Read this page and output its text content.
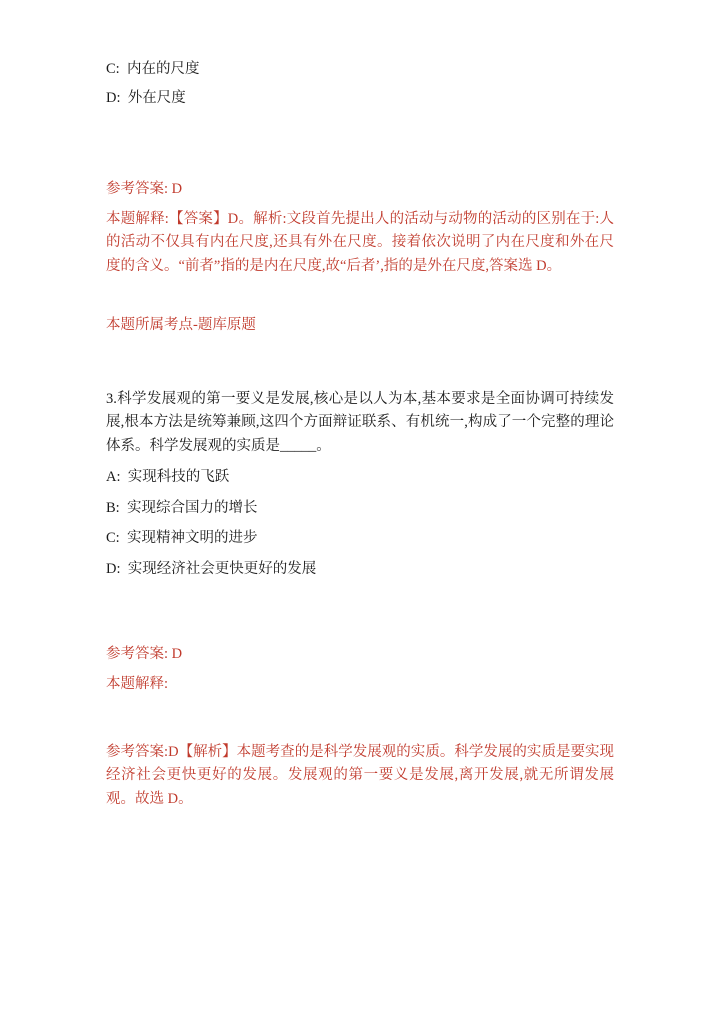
C:  内在的尺度
D:  外在尺度
参考答案: D

本题解释:【答案】D。解析:文段首先提出人的活动与动物的活动的区别在于:人的活动不仅具有内在尺度,还具有外在尺度。接着依次说明了内在尺度和外在尺度的含义。“前者”指的是内在尺度,故“后者’,指的是外在尺度,答案选 D。

本题所属考点-题库原题

3.科学发展观的第一要义是发展,核心是以人为本,基本要求是全面协调可持续发展,根本方法是统筹兼顾,这四个方面辩证联系、有机统一,构成了一个完整的理论体系。科学发展观的实质是_____。

A:  实现科技的飞跃
B:  实现综合国力的增长
C:  实现精神文明的进步
D:  实现经济社会更快更好的发展
参考答案: D
本题解释:

参考答案:D【解析】本题考查的是科学发展观的实质。科学发展的实质是要实现经济社会更快更好的发展。发展观的第一要义是发展,离开发展,就无所谓发展观。故选 D。
